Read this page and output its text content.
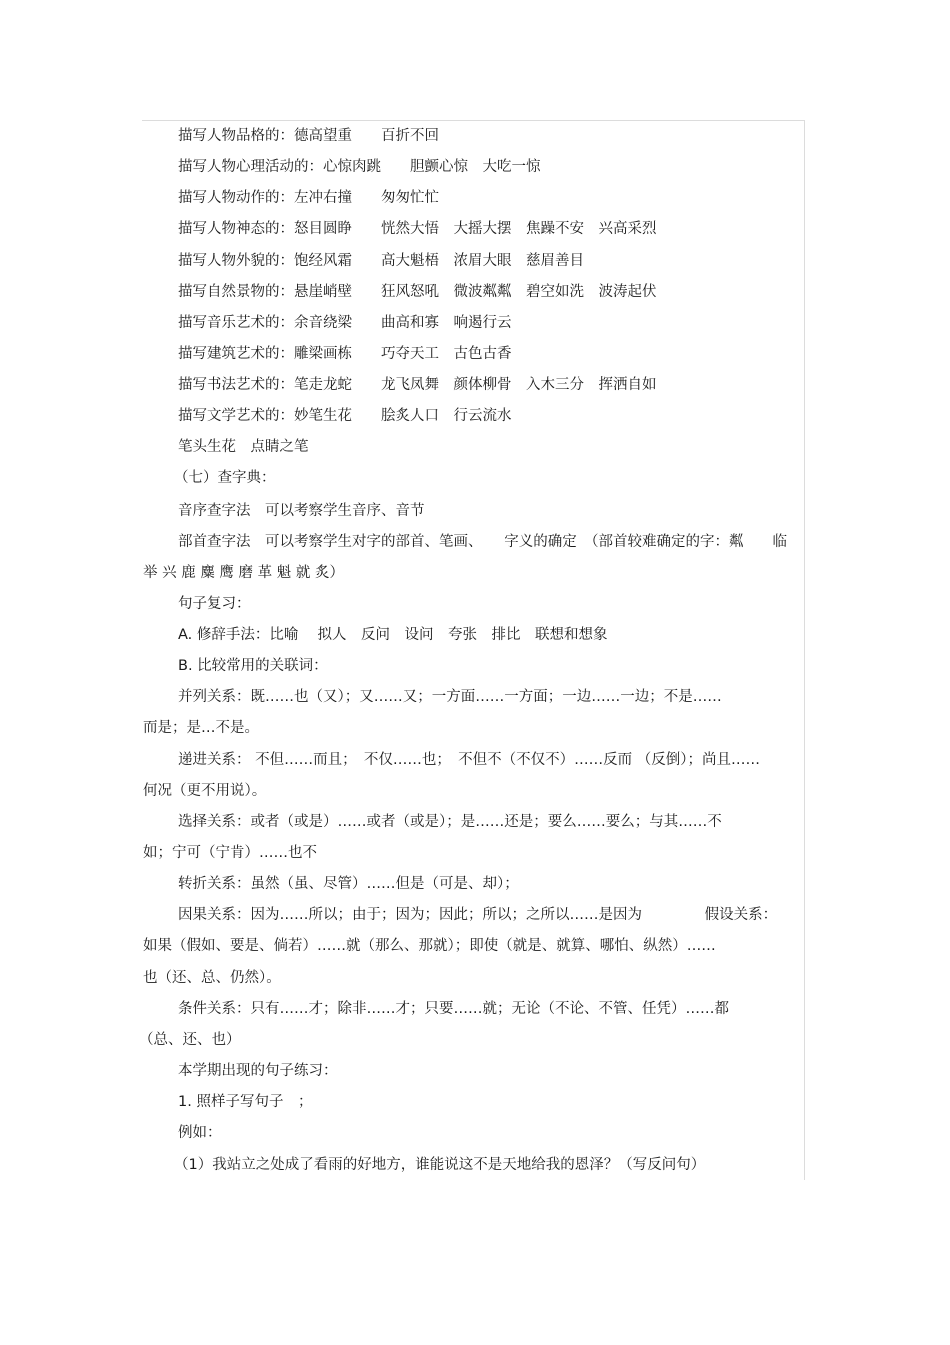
描写人物品格的：德高望重　　百折不回
描写人物心理活动的：心惊肉跳　　胆颤心惊　大吃一惊
描写人物动作的：左冲右撞　　匆匆忙忙
描写人物神态的：怒目圆睁　　恍然大悟　大摇大摆　焦躁不安　兴高采烈
描写人物外貌的：饱经风霜　　高大魁梧　浓眉大眼　慈眉善目
描写自然景物的：悬崖峭壁　　狂风怒吼　微波粼粼　碧空如洗　波涛起伏
描写音乐艺术的：余音绕梁　　曲高和寡　响遏行云
描写建筑艺术的：雕梁画栋　　巧夺天工　古色古香
描写书法艺术的：笔走龙蛇　　龙飞凤舞　颜体柳骨　入木三分　挥洒自如
描写文学艺术的：妙笔生花　　脍炙人口　行云流水
笔头生花　点睛之笔
（七）查字典：
音序查字法　可以考察学生音序、音节
部首查字法　可以考察学生对字的部首、笔画、　　字义的确定　（部首较难确定的字：粼　　临
举 兴 鹿 麋 鹰 磨 革 魁 就 炙）
句子复习：
A. 修辞手法：比喻　 拟人　反问　设问　夸张　排比　联想和想象
B. 比较常用的关联词：
并列关系：既……也（又）；又……又；一方面……一方面；一边……一边；不是……
而是；是…不是。
递进关系： 不但……而且；　不仅……也；　不但不（不仅不）……反而 （反倒）；尚且……
何况（更不用说）。
选择关系：或者（或是）……或者（或是）；是……还是；要么……要么；与其……不
如；宁可（宁肯）……也不
转折关系：虽然（虽、尽管）……但是（可是、却）；
因果关系：因为……所以；由于；因为；因此；所以；之所以……是因为　　　　 假设关系：
如果（假如、要是、倘若）……就（那么、那就）；即使（就是、就算、哪怕、纵然）……
也（还、总、仍然）。
条件关系：只有……才；除非……才；只要……就；无论（不论、不管、任凭）……都
（总、还、也）
本学期出现的句子练习：
1. 照样子写句子　；
例如：
（1）我站立之处成了看雨的好地方，谁能说这不是天地给我的恩泽？（写反问句）
